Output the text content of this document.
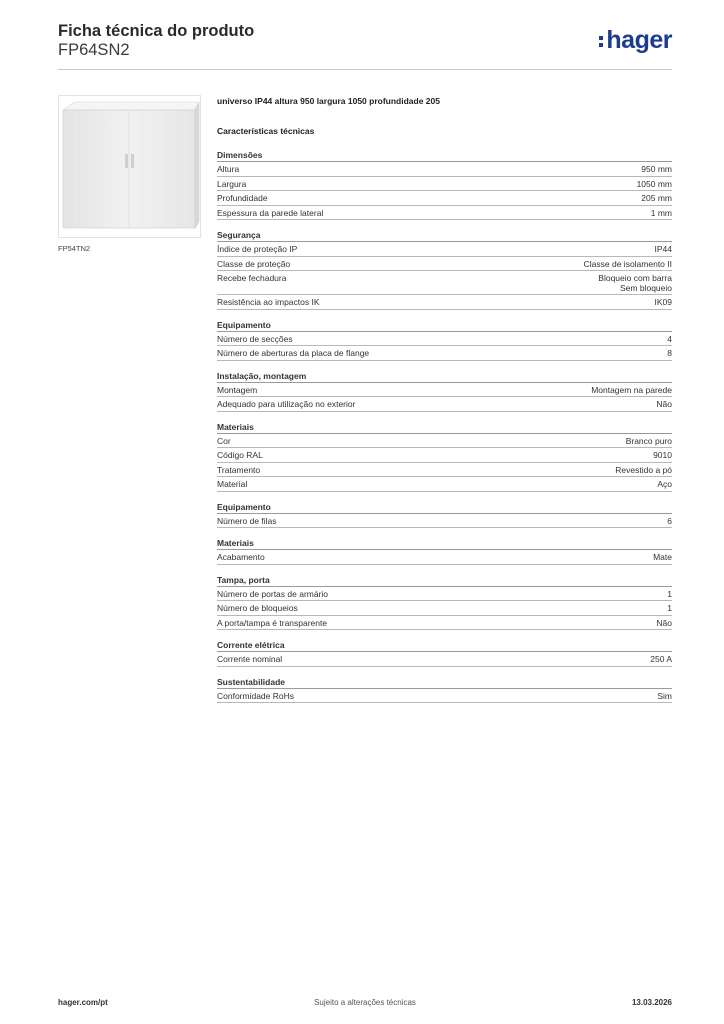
Ficha técnica do produto
FP64SN2	hager
FP54TN2
universo IP44 altura 950 largura 1050 profundidade 205
Características técnicas
Dimensões
Altura	950 mm
Largura	1050 mm
Profundidade	205 mm
Espessura da parede lateral	1 mm
Segurança
Índice de proteção IP	IP44
Classe de proteção	Classe de isolamento II
Recebe fechadura	Bloqueio com barra
Sem bloqueio
Resistência ao impactos IK	IK09
Equipamento
Número de secções	4
Número de aberturas da placa de flange	8
Instalação, montagem
Montagem	Montagem na parede
Adequado para utilização no exterior	Não
Materiais
Cor	Branco puro
Código RAL	9010
Tratamento	Revestido a pó
Material	Aço
Equipamento
Número de filas	6
Materiais
Acabamento	Mate
Tampa, porta
Número de portas de armário	1
Número de bloqueios	1
A porta/tampa é transparente	Não
Corrente elétrica
Corrente nominal	250 A
Sustentabilidade
Conformidade RoHs	Sim
hager.com/pt	Sujeito a alterações técnicas	13.03.2026
